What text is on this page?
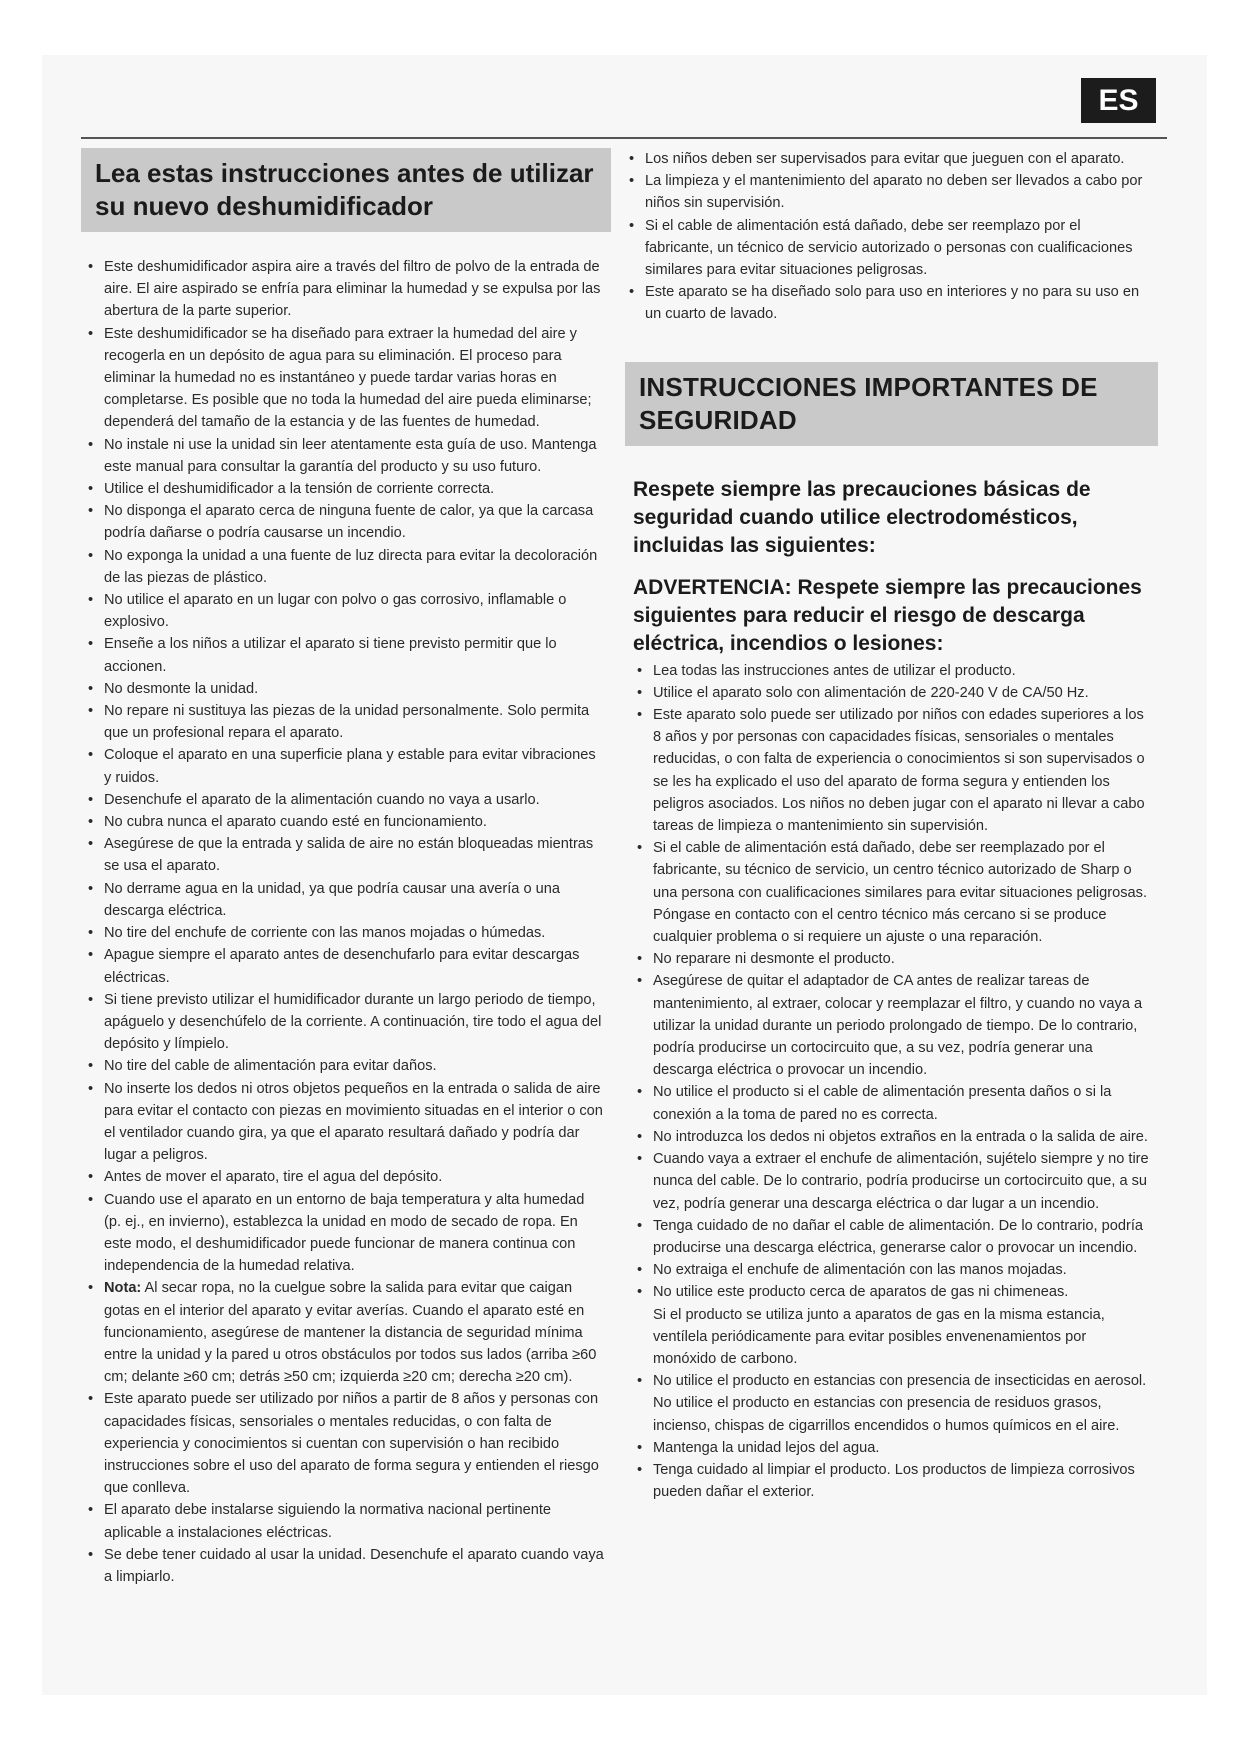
ES
Lea estas instrucciones antes de utilizar su nuevo deshumidificador
• Este deshumidificador aspira aire a través del filtro de polvo de la entrada de aire. El aire aspirado se enfría para eliminar la humedad y se expulsa por las abertura de la parte superior.
• Este deshumidificador se ha diseñado para extraer la humedad del aire y recogerla en un depósito de agua para su eliminación. El proceso para eliminar la humedad no es instantáneo y puede tardar varias horas en completarse. Es posible que no toda la humedad del aire pueda eliminarse; dependerá del tamaño de la estancia y de las fuentes de humedad.
• No instale ni use la unidad sin leer atentamente esta guía de uso. Mantenga este manual para consultar la garantía del producto y su uso futuro.
• Utilice el deshumidificador a la tensión de corriente correcta.
• No disponga el aparato cerca de ninguna fuente de calor, ya que la carcasa podría dañarse o podría causarse un incendio.
• No exponga la unidad a una fuente de luz directa para evitar la decoloración de las piezas de plástico.
• No utilice el aparato en un lugar con polvo o gas corrosivo, inflamable o explosivo.
• Enseñe a los niños a utilizar el aparato si tiene previsto permitir que lo accionen.
• No desmonte la unidad.
• No repare ni sustituya las piezas de la unidad personalmente. Solo permita que un profesional repara el aparato.
• Coloque el aparato en una superficie plana y estable para evitar vibraciones y ruidos.
• Desenchufe el aparato de la alimentación cuando no vaya a usarlo.
• No cubra nunca el aparato cuando esté en funcionamiento.
• Asegúrese de que la entrada y salida de aire no están bloqueadas mientras se usa el aparato.
• No derrame agua en la unidad, ya que podría causar una avería o una descarga eléctrica.
• No tire del enchufe de corriente con las manos mojadas o húmedas.
• Apague siempre el aparato antes de desenchufarlo para evitar descargas eléctricas.
• Si tiene previsto utilizar el humidificador durante un largo periodo de tiempo, apáguelo y desenchúfelo de la corriente. A continuación, tire todo el agua del depósito y límpielo.
• No tire del cable de alimentación para evitar daños.
• No inserte los dedos ni otros objetos pequeños en la entrada o salida de aire para evitar el contacto con piezas en movimiento situadas en el interior o con el ventilador cuando gira, ya que el aparato resultará dañado y podría dar lugar a peligros.
• Antes de mover el aparato, tire el agua del depósito.
• Cuando use el aparato en un entorno de baja temperatura y alta humedad (p. ej., en invierno), establezca la unidad en modo de secado de ropa. En este modo, el deshumidificador puede funcionar de manera continua con independencia de la humedad relativa.
• Nota: Al secar ropa, no la cuelgue sobre la salida para evitar que caigan gotas en el interior del aparato y evitar averías. Cuando el aparato esté en funcionamiento, asegúrese de mantener la distancia de seguridad mínima entre la unidad y la pared u otros obstáculos por todos sus lados (arriba ≥60 cm; delante ≥60 cm; detrás ≥50 cm; izquierda ≥20 cm; derecha ≥20 cm).
• Este aparato puede ser utilizado por niños a partir de 8 años y personas con capacidades físicas, sensoriales o mentales reducidas, o con falta de experiencia y conocimientos si cuentan con supervisión o han recibido instrucciones sobre el uso del aparato de forma segura y entienden el riesgo que conlleva.
• El aparato debe instalarse siguiendo la normativa nacional pertinente aplicable a instalaciones eléctricas.
• Se debe tener cuidado al usar la unidad. Desenchufe el aparato cuando vaya a limpiarlo.
• Los niños deben ser supervisados para evitar que jueguen con el aparato.
• La limpieza y el mantenimiento del aparato no deben ser llevados a cabo por niños sin supervisión.
• Si el cable de alimentación está dañado, debe ser reemplazo por el fabricante, un técnico de servicio autorizado o personas con cualificaciones similares para evitar situaciones peligrosas.
• Este aparato se ha diseñado solo para uso en interiores y no para su uso en un cuarto de lavado.
INSTRUCCIONES IMPORTANTES DE SEGURIDAD
Respete siempre las precauciones básicas de seguridad cuando utilice electrodomésticos, incluidas las siguientes:
ADVERTENCIA: Respete siempre las precauciones siguientes para reducir el riesgo de descarga eléctrica, incendios o lesiones:
• Lea todas las instrucciones antes de utilizar el producto.
• Utilice el aparato solo con alimentación de 220-240 V de CA/50 Hz.
• Este aparato solo puede ser utilizado por niños con edades superiores a los 8 años y por personas con capacidades físicas, sensoriales o mentales reducidas, o con falta de experiencia o conocimientos si son supervisados o se les ha explicado el uso del aparato de forma segura y entienden los peligros asociados. Los niños no deben jugar con el aparato ni llevar a cabo tareas de limpieza o mantenimiento sin supervisión.
• Si el cable de alimentación está dañado, debe ser reemplazado por el fabricante, su técnico de servicio, un centro técnico autorizado de Sharp o una persona con cualificaciones similares para evitar situaciones peligrosas. Póngase en contacto con el centro técnico más cercano si se produce cualquier problema o si requiere un ajuste o una reparación.
• No reparare ni desmonte el producto.
• Asegúrese de quitar el adaptador de CA antes de realizar tareas de mantenimiento, al extraer, colocar y reemplazar el filtro, y cuando no vaya a utilizar la unidad durante un periodo prolongado de tiempo. De lo contrario, podría producirse un cortocircuito que, a su vez, podría generar una descarga eléctrica o provocar un incendio.
• No utilice el producto si el cable de alimentación presenta daños o si la conexión a la toma de pared no es correcta.
• No introduzca los dedos ni objetos extraños en la entrada o la salida de aire.
• Cuando vaya a extraer el enchufe de alimentación, sujételo siempre y no tire nunca del cable. De lo contrario, podría producirse un cortocircuito que, a su vez, podría generar una descarga eléctrica o dar lugar a un incendio.
• Tenga cuidado de no dañar el cable de alimentación. De lo contrario, podría producirse una descarga eléctrica, generarse calor o provocar un incendio.
• No extraiga el enchufe de alimentación con las manos mojadas.
• No utilice este producto cerca de aparatos de gas ni chimeneas.
Si el producto se utiliza junto a aparatos de gas en la misma estancia, ventílela periódicamente para evitar posibles envenenamientos por monóxido de carbono.
• No utilice el producto en estancias con presencia de insecticidas en aerosol.
No utilice el producto en estancias con presencia de residuos grasos, incienso, chispas de cigarrillos encendidos o humos químicos en el aire.
• Mantenga la unidad lejos del agua.
• Tenga cuidado al limpiar el producto. Los productos de limpieza corrosivos pueden dañar el exterior.
